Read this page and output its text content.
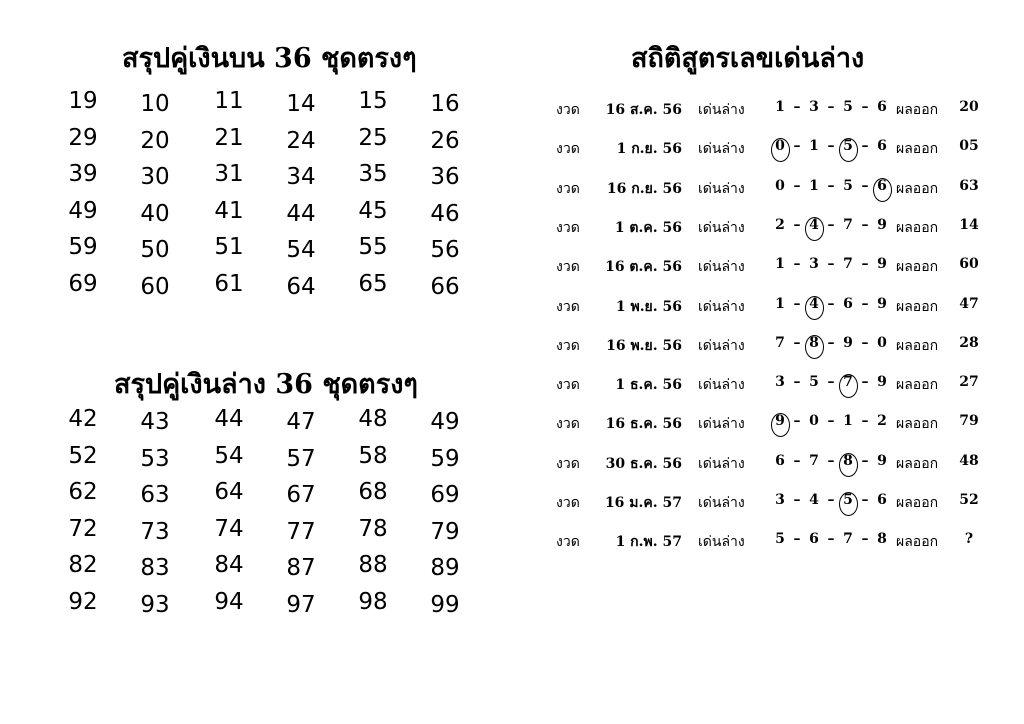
สรุปคู่เงินบน 36 ชุดตรงๆ
19	10	11	14	15	16
29	20	21	24	25	26
39	30	31	34	35	36
49	40	41	44	45	46
59	50	51	54	55	56
69	60	61	64	65	66
สรุปคู่เงินล่าง 36 ชุดตรงๆ
42	43	44	47	48	49
52	53	54	57	58	59
62	63	64	67	68	69
72	73	74	77	78	79
82	83	84	87	88	89
92	93	94	97	98	99
สถิติสูตรเลขเด่นล่าง
งวด	16 ส.ค. 56 เด่นล่าง 1 – 3 – 5 – 6 ผลออก	20
งวด	1 ก.ย. 56 เด่นล่าง 0 – 1 – 5 – 6 ผลออก	05
งวด	16 ก.ย. 56 เด่นล่าง 0 – 1 – 5 – 6 ผลออก	63
งวด	1 ต.ค. 56 เด่นล่าง 2 – 4 – 7 – 9 ผลออก	14
งวด	16 ต.ค. 56 เด่นล่าง 1 – 3 – 7 – 9 ผลออก	60
งวด	1 พ.ย. 56 เด่นล่าง 1 – 4 – 6 – 9 ผลออก	47
งวด	16 พ.ย. 56 เด่นล่าง 7 – 8 – 9 – 0 ผลออก	28
งวด	1 ธ.ค. 56 เด่นล่าง 3 – 5 – 7 – 9 ผลออก	27
งวด	16 ธ.ค. 56 เด่นล่าง 9 – 0 – 1 – 2 ผลออก	79
งวด	30 ธ.ค. 56 เด่นล่าง 6 – 7 – 8 – 9 ผลออก	48
งวด	16 ม.ค. 57 เด่นล่าง 3 – 4 – 5 – 6 ผลออก	52
งวด	1 ก.พ. 57 เด่นล่าง 5 – 6 – 7 – 8 ผลออก	?
